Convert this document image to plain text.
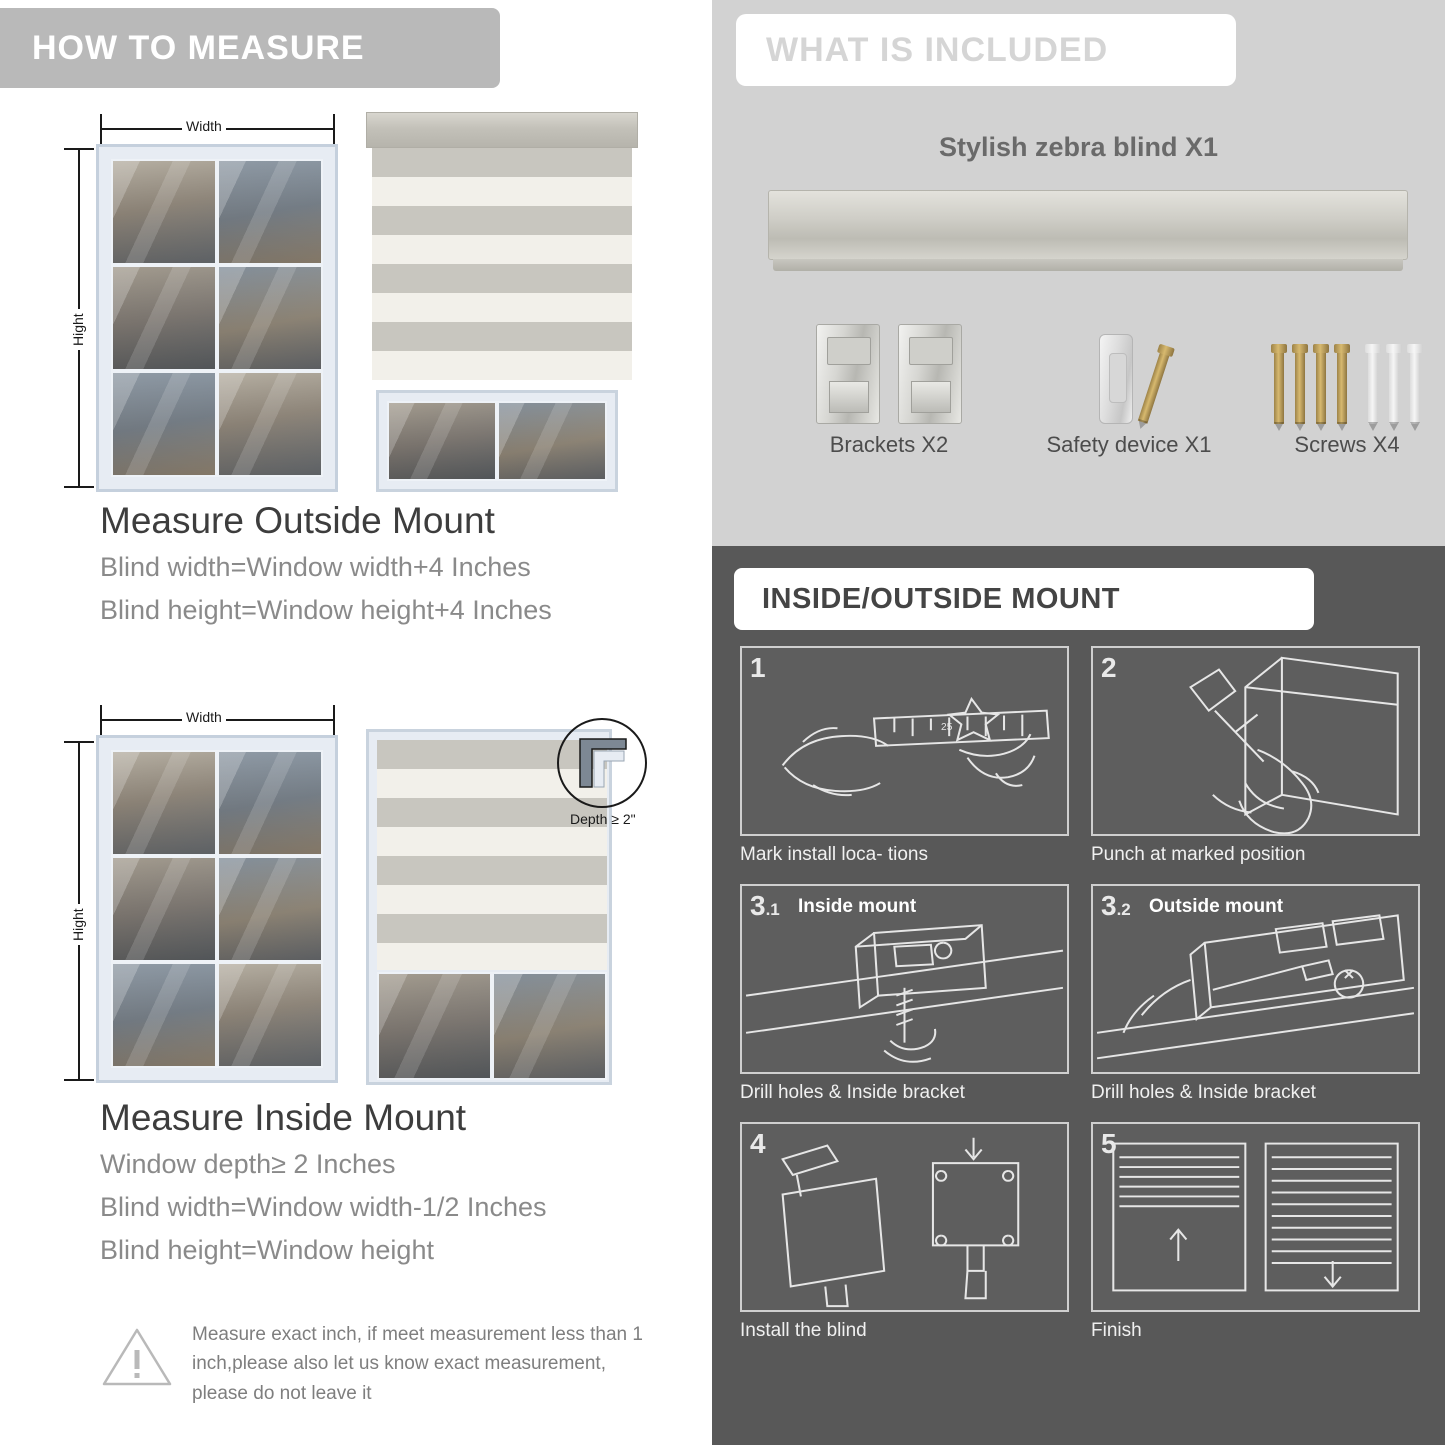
HOW TO MEASURE
Width
Hight
Measure Outside Mount

Blind width=Window width+4 Inches

Blind height=Window height+4 Inches

Width
Hight
Depth ≥ 2"
Measure Inside Mount

Window depth≥ 2 Inches

Blind width=Window width-1/2 Inches

Blind height=Window height

Measure exact inch, if meet measurement less than 1 inch,please also let us know exact measurement, please do not leave it
WHAT IS INCLUDED
Stylish zebra blind X1
Brackets X2	Safety device X1	Screws X4
INSIDE/OUTSIDE MOUNT
1
25
Mark install loca- tions
2
Punch at marked position
3.1 Inside mount
Drill holes & Inside bracket
3.2 Outside mount
Drill holes & Inside bracket
4
Install the blind
5
Finish
